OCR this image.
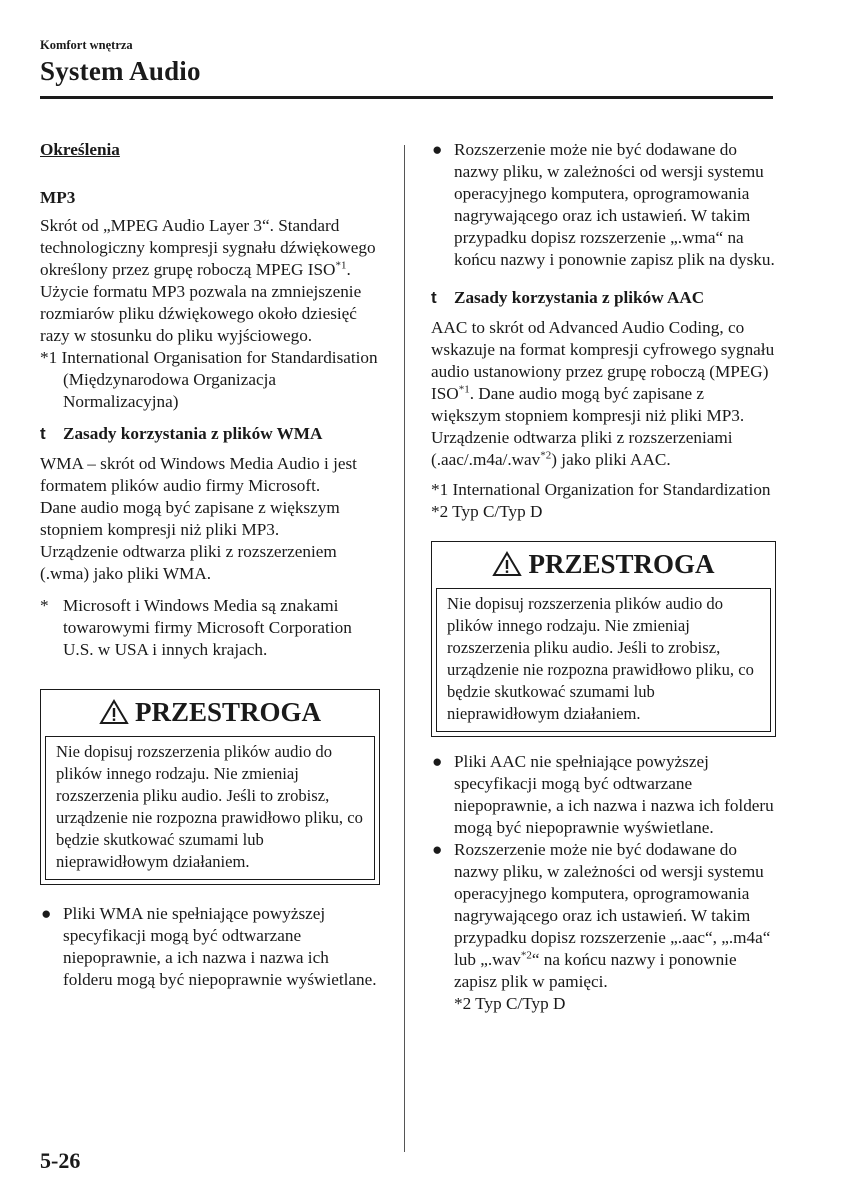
Komfort wnętrza
System Audio

Określenia

MP3

Skrót od „MPEG Audio Layer 3“. Standard technologiczny kompresji sygnału dźwiękowego określony przez grupę roboczą MPEG ISO$^{*1}$. Użycie formatu MP3 pozwala na zmniejszenie rozmiarów pliku dźwiękowego około dziesięć razy w stosunku do pliku wyjściowego.

*1 International Organisation for Standardisation (Międzynarodowa Organizacja Normalizacyjna)

t	Zasady korzystania z plików WMA

WMA – skrót od Windows Media Audio i jest formatem plików audio firmy Microsoft.

Dane audio mogą być zapisane z większym stopniem kompresji niż pliki MP3.

Urządzenie odtwarza pliki z rozszerzeniem (.wma) jako pliki WMA.

* Microsoft i Windows Media są znakami towarowymi firmy Microsoft Corporation U.S. w USA i innych krajach.
PRZESTROGA
Nie dopisuj rozszerzenia plików audio do plików innego rodzaju. Nie zmieniaj rozszerzenia pliku audio. Jeśli to zrobisz, urządzenie nie rozpozna prawidłowo pliku, co będzie skutkować szumami lub nieprawidłowym działaniem.
● Pliki WMA nie spełniające powyższej specyfikacji mogą być odtwarzane niepoprawnie, a ich nazwa i nazwa ich folderu mogą być niepoprawnie wyświetlane.
● Rozszerzenie może nie być dodawane do nazwy pliku, w zależności od wersji systemu operacyjnego komputera, oprogramowania nagrywającego oraz ich ustawień. W takim przypadku dopisz rozszerzenie „.wma“ na końcu nazwy i ponownie zapisz plik na dysku.
t	Zasady korzystania z plików AAC

AAC to skrót od Advanced Audio Coding, co wskazuje na format kompresji cyfrowego sygnału audio ustanowiony przez grupę roboczą (MPEG) ISO$^{*1}$. Dane audio mogą być zapisane z większym stopniem kompresji niż pliki MP3. Urządzenie odtwarza pliki z rozszerzeniami (.aac/.m4a/.wav$^{*2}$) jako pliki AAC.

*1 International Organization for Standardization

*2 Typ C/Typ D

PRZESTROGA
Nie dopisuj rozszerzenia plików audio do plików innego rodzaju. Nie zmieniaj rozszerzenia pliku audio. Jeśli to zrobisz, urządzenie nie rozpozna prawidłowo pliku, co będzie skutkować szumami lub nieprawidłowym działaniem.
● Pliki AAC nie spełniające powyższej specyfikacji mogą być odtwarzane niepoprawnie, a ich nazwa i nazwa ich folderu mogą być niepoprawnie wyświetlane.
● Rozszerzenie może nie być dodawane do nazwy pliku, w zależności od wersji systemu operacyjnego komputera, oprogramowania nagrywającego oraz ich ustawień. W takim przypadku dopisz rozszerzenie „.aac“, „.m4a“ lub „.wav$^{*2}$“ na końcu nazwy i ponownie zapisz plik w pamięci.
*2 Typ C/Typ D
5-26
